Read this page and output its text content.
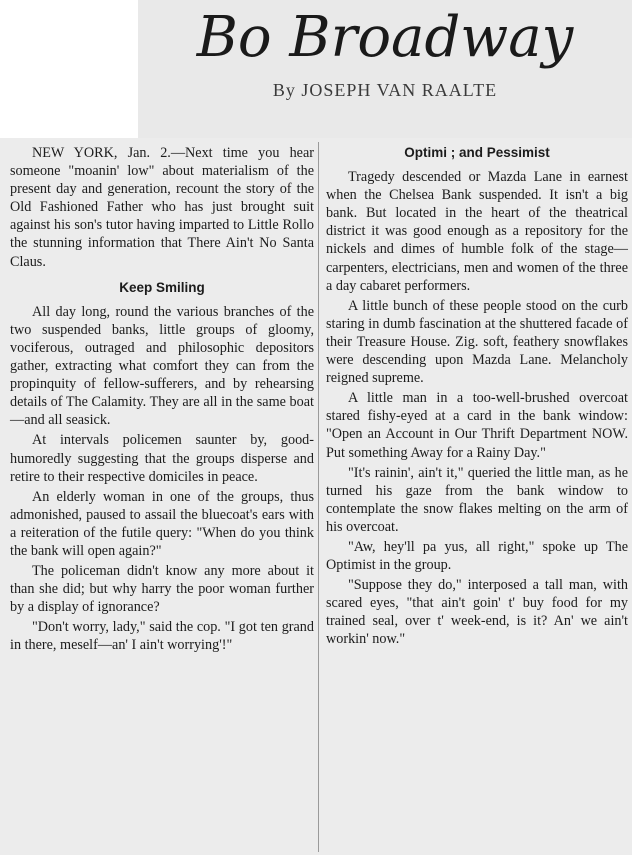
Bo Broadway
By JOSEPH VAN RAALTE

NEW YORK, Jan. 2.—Next time you hear someone "moanin' low" about materialism of the present day and generation, recount the story of the Old Fashioned Father who has just brought suit against his son's tutor having imparted to Little Rollo the stunning information that There Ain't No Santa Claus.

Keep Smiling

All day long, round the various branches of the two suspended banks, little groups of gloomy, vociferous, outraged and philosophic depositors gather, extracting what comfort they can from the propinquity of fellow-sufferers, and by rehearsing details of The Calamity. They are all in the same boat—and all seasick.

At intervals policemen saunter by, good-humoredly suggesting that the groups disperse and retire to their respective domiciles in peace.

An elderly woman in one of the groups, thus admonished, paused to assail the bluecoat's ears with a reiteration of the futile query: "When do you think the bank will open again?"

The policeman didn't know any more about it than she did; but why harry the poor woman further by a display of ignorance?

"Don't worry, lady," said the cop. "I got ten grand in there, meself—an' I ain't worrying'!"

Optimi ; and Pessimist

Tragedy descended or Mazda Lane in earnest when the Chelsea Bank suspended. It isn't a big bank. But located in the heart of the theatrical district it was good enough as a repository for the nickels and dimes of humble folk of the stage—carpenters, electricians, men and women of the three a day cabaret performers.

A little bunch of these people stood on the curb staring in dumb fascination at the shuttered facade of their Treasure House. Zig. soft, feathery snowflakes were descending upon Mazda Lane. Melancholy reigned supreme.

A little man in a too-well-brushed overcoat stared fishy-eyed at a card in the bank window: "Open an Account in Our Thrift Department NOW. Put something Away for a Rainy Day."

"It's rainin', ain't it," queried the little man, as he turned his gaze from the bank window to contemplate the snow flakes melting on the arm of his overcoat.

"Aw, hey'll pa yus, all right," spoke up The Optimist in the group.

"Suppose they do," interposed a tall man, with scared eyes, "that ain't goin' t' buy food for my trained seal, over t' week-end, is it? An' we ain't workin' now."
